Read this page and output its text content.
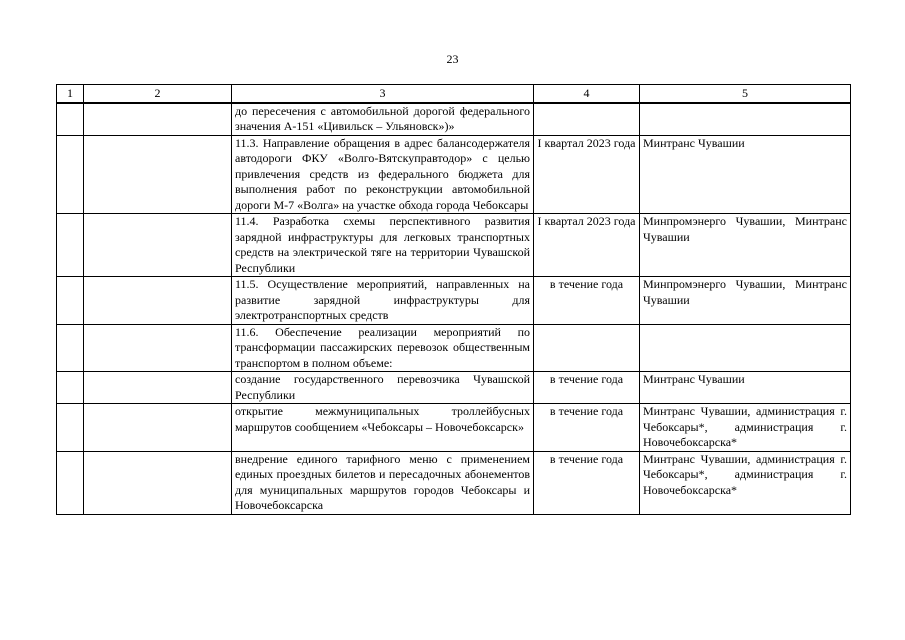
23
1	2	3	4	5
		до пересечения с автомобильной дорогой федерального значения А-151 «Цивильск – Ульяновск»)»		
		11.3. Направление обращения в адрес балансодержателя автодороги ФКУ «Волго-Вятскуправтодор» с целью привлечения средств из федерального бюджета для выполнения работ по реконструкции автомобильной дороги М-7 «Волга» на участке обхода города Чебоксары	I квартал 2023 года	Минтранс Чувашии
		11.4. Разработка схемы перспективного развития зарядной инфраструктуры для легковых транспортных средств на электрической тяге на территории Чувашской Республики	I квартал 2023 года	Минпромэнерго Чувашии, Минтранс Чувашии
		11.5. Осуществление мероприятий, направленных на развитие зарядной инфраструктуры для электротранспортных средств	в течение года	Минпромэнерго Чувашии, Минтранс Чувашии
		11.6. Обеспечение реализации мероприятий по трансформации пассажирских перевозок общественным транспортом в полном объеме:		
		создание государственного перевозчика Чувашской Республики	в течение года	Минтранс Чувашии
		открытие межмуниципальных троллейбусных маршрутов сообщением «Чебоксары – Новочебоксарск»	в течение года	Минтранс Чувашии, администрация г. Чебоксары*, администрация г. Новочебоксарска*
		внедрение единого тарифного меню с применением единых проездных билетов и пересадочных абонементов для муниципальных маршрутов городов Чебоксары и Новочебоксарска	в течение года	Минтранс Чувашии, администрация г. Чебоксары*, администрация г. Новочебоксарска*
